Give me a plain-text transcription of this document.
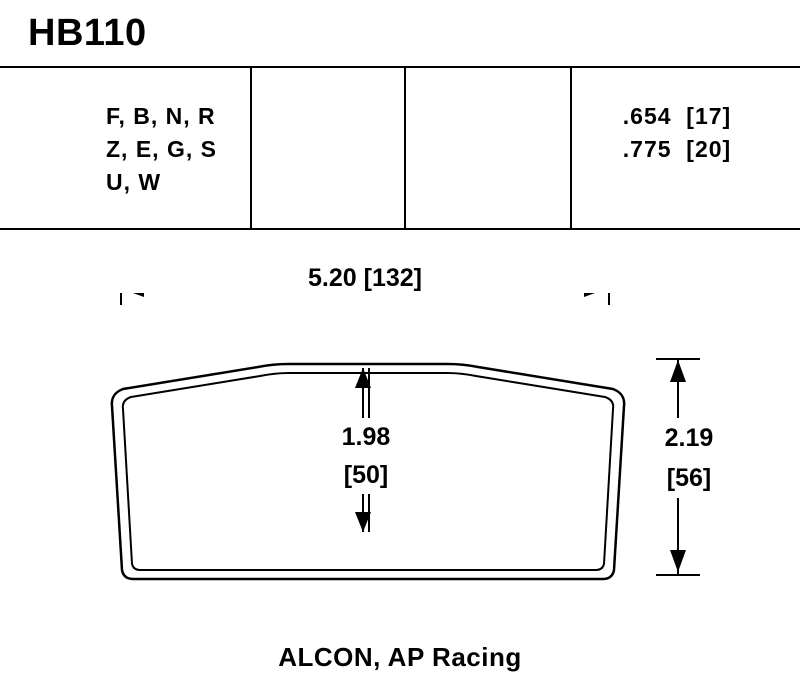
HB110
F, B, N, R
Z, E, G, S
U, W
.654  [17]
.775  [20]
5.20 [132]
1.98
[50]
2.19
[56]
ALCON, AP Racing
